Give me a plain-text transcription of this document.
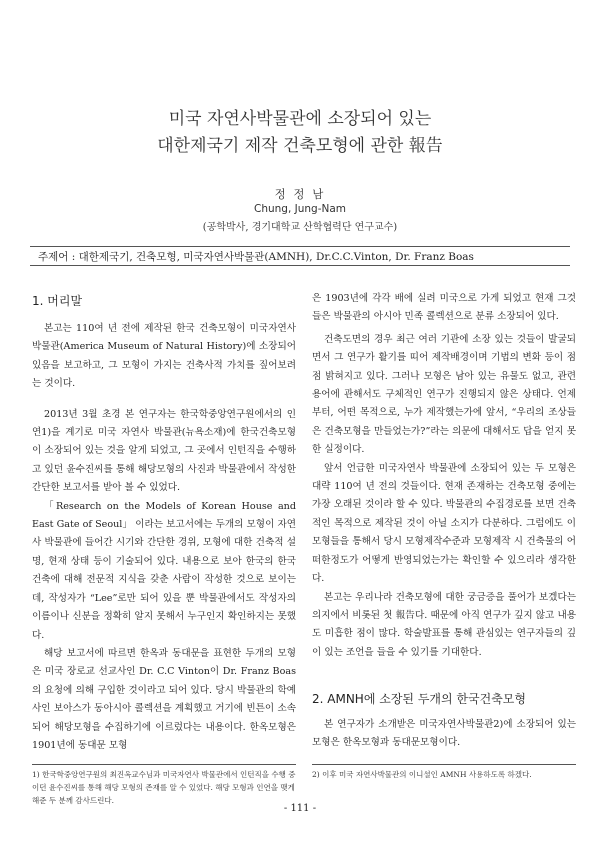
미국 자연사박물관에 소장되어 있는
대한제국기 제작 건축모형에 관한 報告
정 정 남
Chung, Jung-Nam
(공학박사, 경기대학교 산학협력단 연구교수)
주제어 : 대한제국기, 건축모형, 미국자연사박물관(AMNH), Dr.C.C.Vinton, Dr. Franz Boas
1. 머리말

본고는 110여 년 전에 제작된 한국 건축모형이 미국자연사박물관(America Museum of Natural History)에 소장되어 있음을 보고하고, 그 모형이 가지는 건축사적 가치를 짚어보려는 것이다.

2013년 3월 초경 본 연구자는 한국학중앙연구원에서의 인연1)을 계기로 미국 자연사 박물관(뉴욕소재)에 한국건축모형이 소장되어 있는 것을 알게 되었고, 그 곳에서 인턴직을 수행하고 있던 윤수진씨를 통해 해당모형의 사진과 박물관에서 작성한 간단한 보고서를 받아 볼 수 있었다.

「Research on the Models of Korean House and East Gate of Seoul」 이라는 보고서에는 두개의 모형이 자연사 박물관에 들어간 시기와 간단한 경위, 모형에 대한 건축적 설명, 현재 상태 등이 기술되어 있다. 내용으로 보아 한국의 한국건축에 대해 전문적 지식을 갖춘 사람이 작성한 것으로 보이는데, 작성자가 “Lee”로만 되어 있을 뿐 박물관에서도 작성자의 이름이나 신분을 정확히 알지 못해서 누구인지 확인하지는 못했다.

해당 보고서에 따르면 한옥과 동대문을 표현한 두개의 모형은 미국 장로교 선교사인 Dr. C.C Vinton이 Dr. Franz Boas의 요청에 의해 구입한 것이라고 되어 있다. 당시 박물관의 학예사인 보아스가 동아시아 콜렉션을 계획했고 거기에 빈튼이 소속되어 해당모형을 수집하기에 이르렀다는 내용이다. 한옥모형은 1901년에 동대문 모형

1) 한국학중앙연구원의 최진옥교수님과 미국자연사 박물관에서 인턴직을 수행 중이던 윤수진씨를 통해 해당 모형의 존재를 알 수 있었다. 해당 모형과 인연을 맺게 해준 두 분께 감사드린다.

은 1903년에 각각 배에 실려 미국으로 가게 되었고 현재 그것들은 박물관의 아시아 민족 콜렉션으로 분류 소장되어 있다.

건축도면의 경우 최근 여러 기관에 소장 있는 것들이 발굴되면서 그 연구가 활기를 띠어 제작배경이며 기법의 변화 등이 점점 밝혀지고 있다. 그러나 모형은 남아 있는 유물도 없고, 관련 용어에 관해서도 구체적인 연구가 진행되지 않은 상태다. 언제부터, 어떤 목적으로, 누가 제작했는가에 앞서, “우리의 조상들은 건축모형을 만들었는가?”라는 의문에 대해서도 답을 얻지 못한 실정이다.

앞서 언급한 미국자연사 박물관에 소장되어 있는 두 모형은 대략 110여 년 전의 것들이다. 현재 존재하는 건축모형 중에는 가장 오래된 것이라 할 수 있다. 박물관의 수집경로를 보면 건축적인 목적으로 제작된 것이 아닐 소지가 다분하다. 그럼에도 이 모형들을 통해서 당시 모형제작수준과 모형제작 시 건축물의 어떠한정도가 어떻게 반영되었는가는 확인할 수 있으리라 생각한다.

본고는 우리나라 건축모형에 대한 궁금증을 풀어가 보겠다는 의지에서 비롯된 첫 報告다. 때문에 아직 연구가 깊지 않고 내용도 미흡한 점이 많다. 학술발표를 통해 관심있는 연구자들의 깊이 있는 조언을 들을 수 있기를 기대한다.

2. AMNH에 소장된 두개의 한국건축모형

본 연구자가 소개받은 미국자연사박물관2)에 소장되어 있는 모형은 한옥모형과 동대문모형이다.

2) 이후 미국 자연사박물관의 이니셜인 AMNH 사용하도록 하겠다.
- 111 -
